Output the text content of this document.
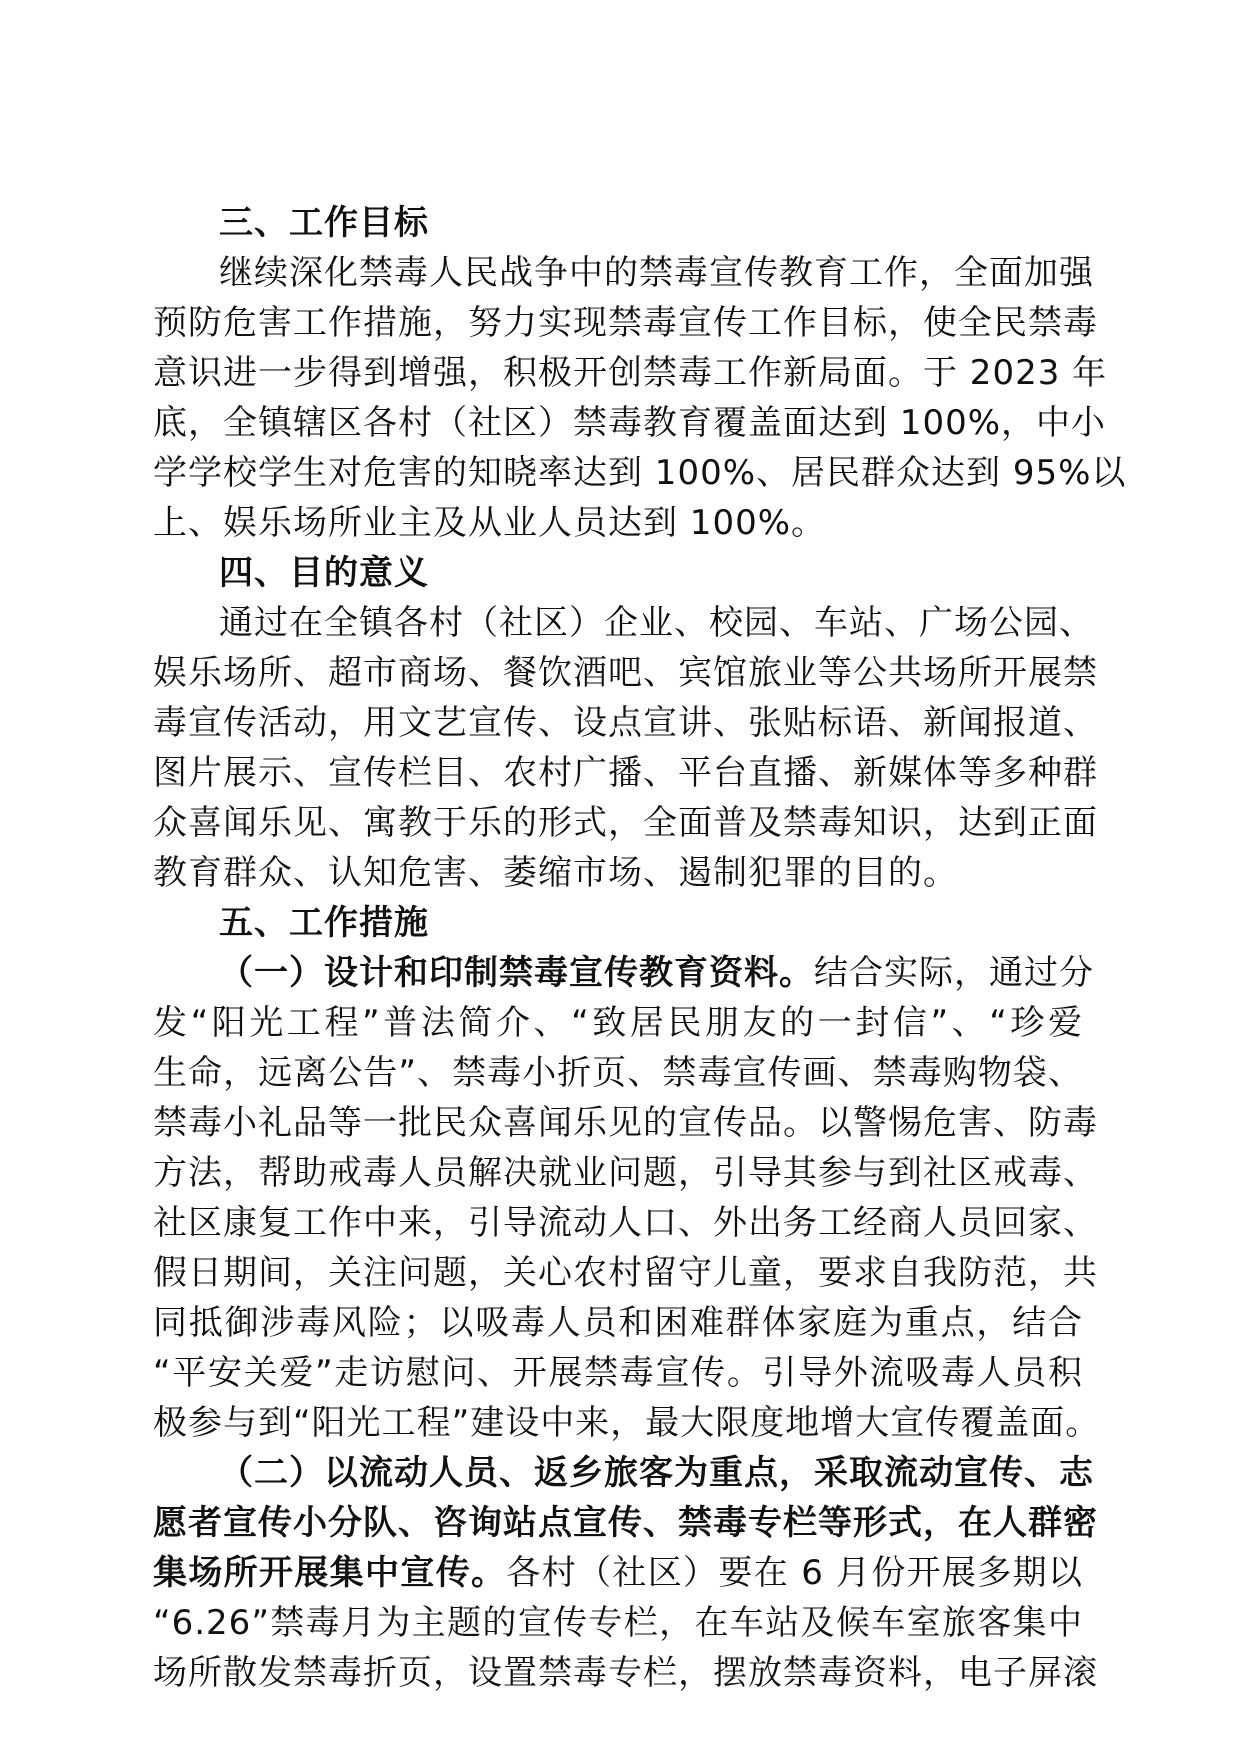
三、工作目标
继续深化禁毒人民战争中的禁毒宣传教育工作，全面加强
预防危害工作措施，努力实现禁毒宣传工作目标，使全民禁毒
意识进一步得到增强，积极开创禁毒工作新局面。于 2023 年
底，全镇辖区各村（社区）禁毒教育覆盖面达到 100%，中小
学学校学生对危害的知晓率达到 100%、居民群众达到 95%以
上、娱乐场所业主及从业人员达到 100%。
四、目的意义
通过在全镇各村（社区）企业、校园、车站、广场公园、
娱乐场所、超市商场、餐饮酒吧、宾馆旅业等公共场所开展禁
毒宣传活动，用文艺宣传、设点宣讲、张贴标语、新闻报道、
图片展示、宣传栏目、农村广播、平台直播、新媒体等多种群
众喜闻乐见、寓教于乐的形式，全面普及禁毒知识，达到正面
教育群众、认知危害、萎缩市场、遏制犯罪的目的。
五、工作措施
（一）设计和印制禁毒宣传教育资料。结合实际，通过分
发“阳光工程”普法简介、“致居民朋友的一封信”、“珍爱
生命，远离公告”、禁毒小折页、禁毒宣传画、禁毒购物袋、
禁毒小礼品等一批民众喜闻乐见的宣传品。以警惕危害、防毒
方法，帮助戒毒人员解决就业问题，引导其参与到社区戒毒、
社区康复工作中来，引导流动人口、外出务工经商人员回家、
假日期间，关注问题，关心农村留守儿童，要求自我防范，共
同抵御涉毒风险；以吸毒人员和困难群体家庭为重点，结合
“平安关爱”走访慰问、开展禁毒宣传。引导外流吸毒人员积
极参与到“阳光工程”建设中来，最大限度地增大宣传覆盖面。
（二）以流动人员、返乡旅客为重点，采取流动宣传、志
愿者宣传小分队、咨询站点宣传、禁毒专栏等形式，在人群密
集场所开展集中宣传。各村（社区）要在 6 月份开展多期以
“6.26”禁毒月为主题的宣传专栏，在车站及候车室旅客集中
场所散发禁毒折页，设置禁毒专栏，摆放禁毒资料，电子屏滚
